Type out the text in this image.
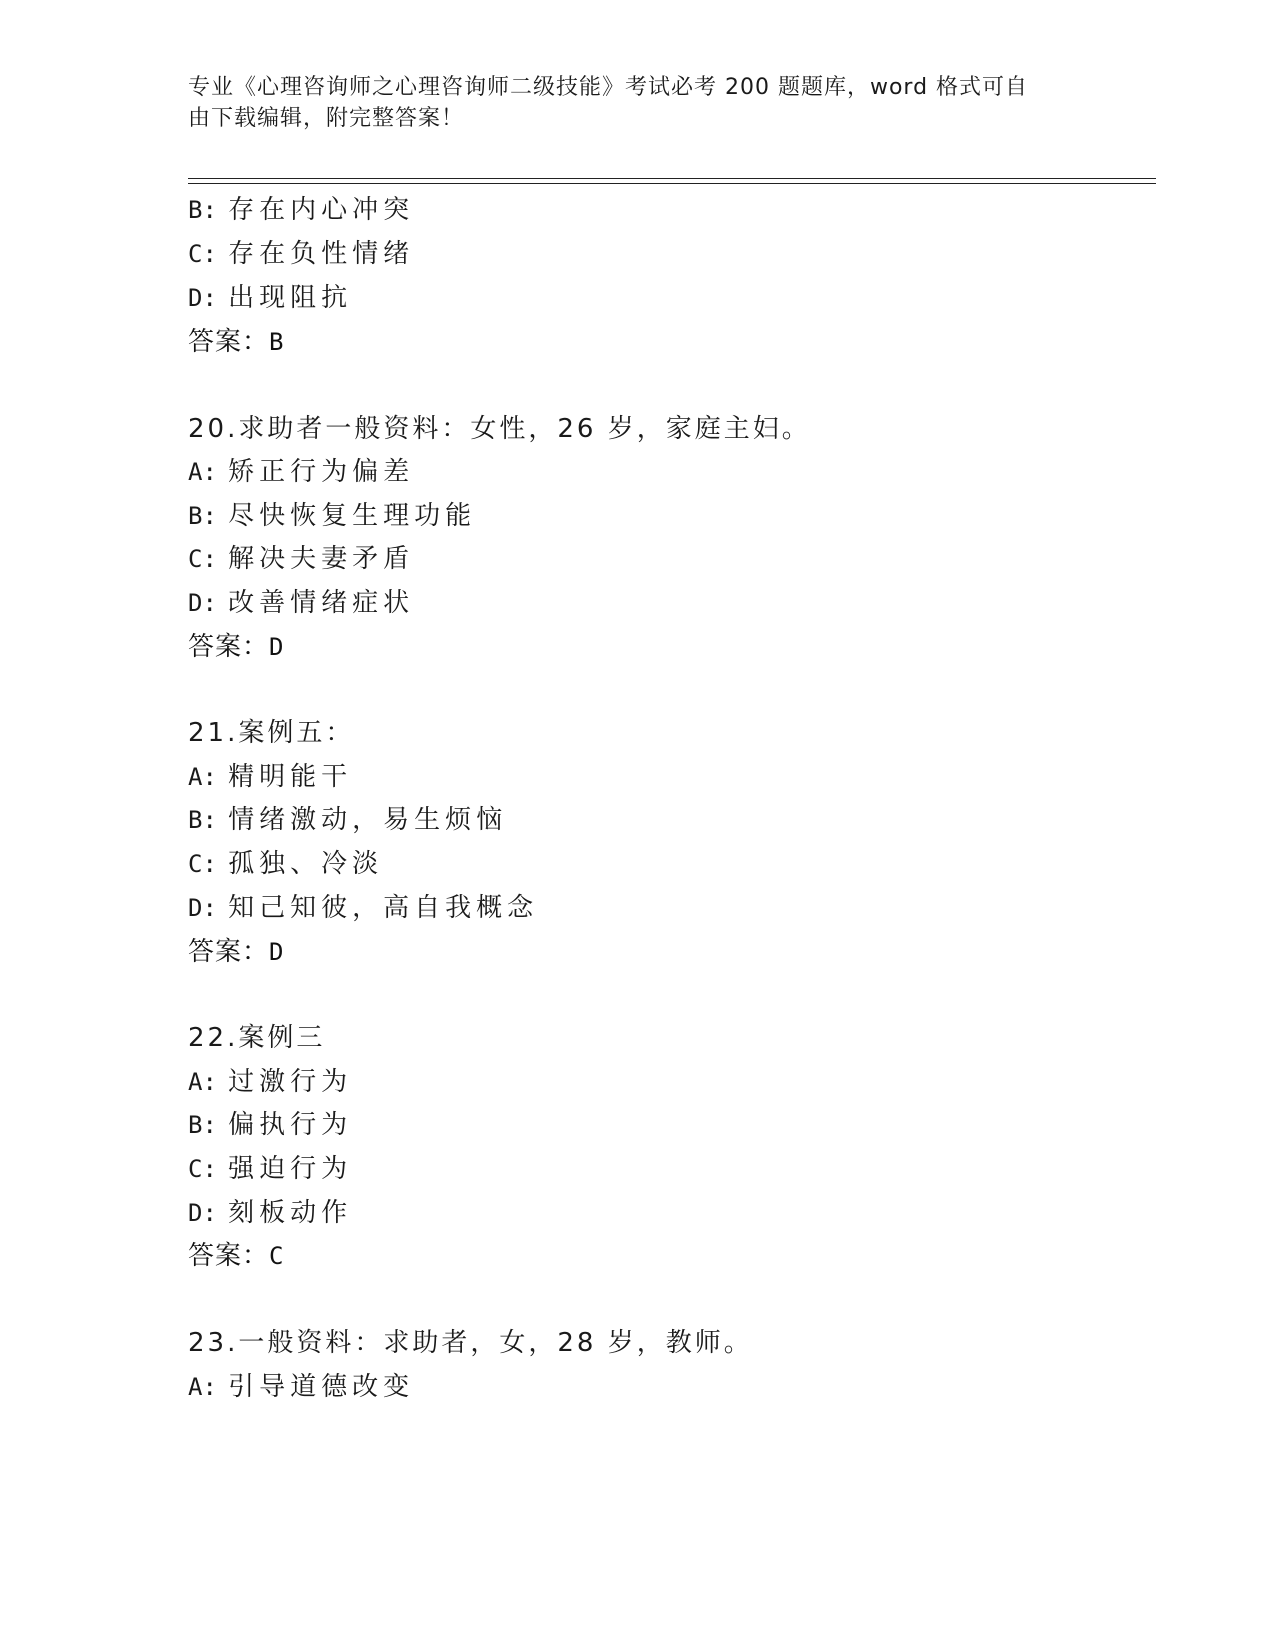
专业《心理咨询师之心理咨询师二级技能》考试必考 200 题题库，word 格式可自
由下载编辑，附完整答案！
B: 存在内心冲突
C: 存在负性情绪
D: 出现阻抗
答案：B
20.求助者一般资料：女性，26 岁，家庭主妇。
A: 矫正行为偏差
B: 尽快恢复生理功能
C: 解决夫妻矛盾
D: 改善情绪症状
答案：D
21.案例五：
A: 精明能干
B: 情绪激动，易生烦恼
C: 孤独、冷淡
D: 知己知彼，高自我概念
答案：D
22.案例三
A: 过激行为
B: 偏执行为
C: 强迫行为
D: 刻板动作
答案：C
23.一般资料：求助者，女，28 岁，教师。
A: 引导道德改变
